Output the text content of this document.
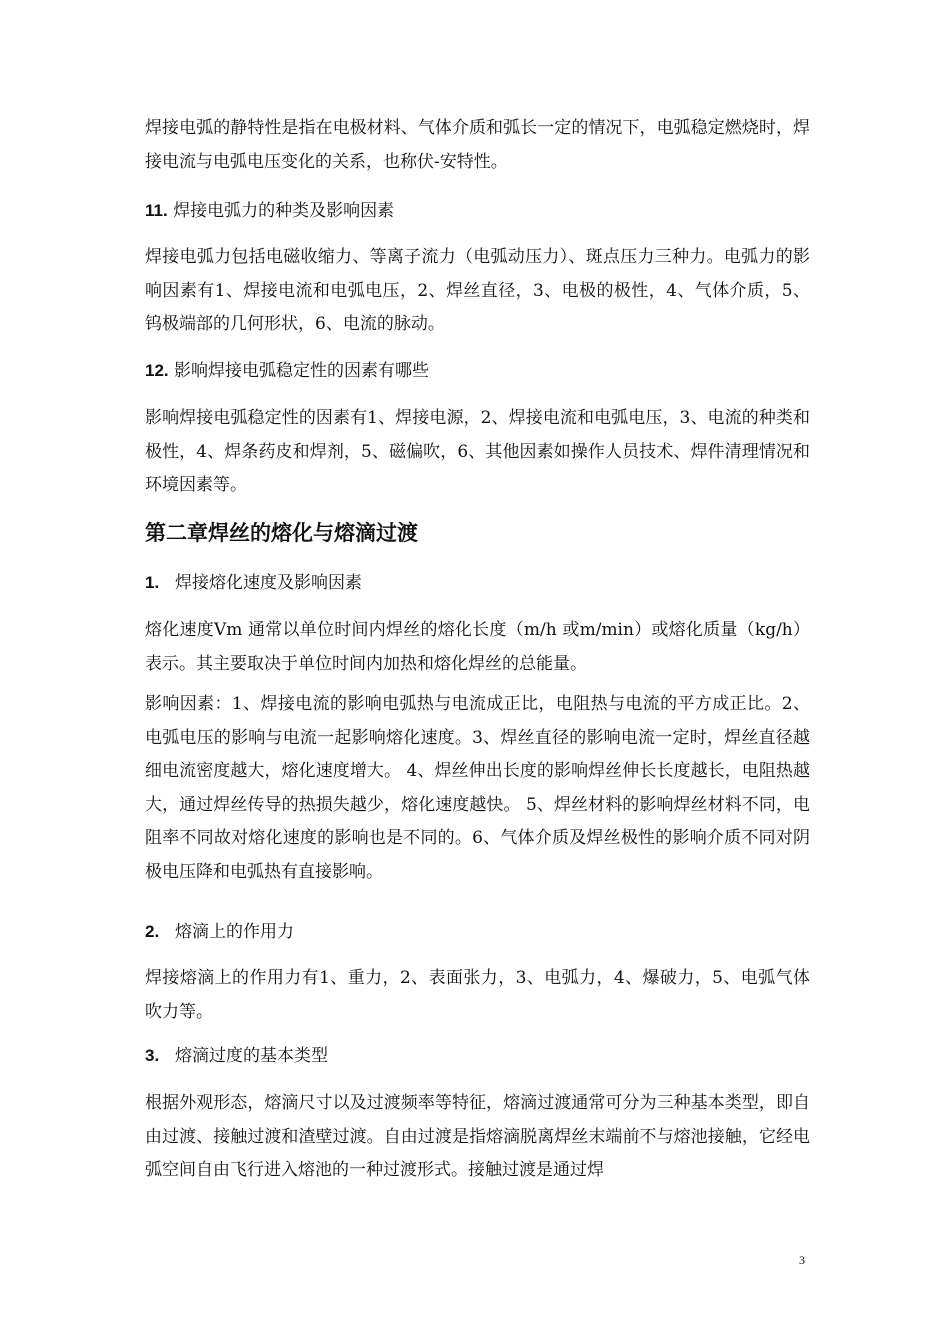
焊接电弧的静特性是指在电极材料、气体介质和弧长一定的情况下，电弧稳定燃烧时，焊接电流与电弧电压变化的关系，也称伏-安特性。

11. 焊接电弧力的种类及影响因素

焊接电弧力包括电磁收缩力、等离子流力（电弧动压力）、斑点压力三种力。电弧力的影响因素有1、焊接电流和电弧电压，2、焊丝直径，3、电极的极性，4、气体介质，5、钨极端部的几何形状，6、电流的脉动。

12. 影响焊接电弧稳定性的因素有哪些

影响焊接电弧稳定性的因素有1、焊接电源，2、焊接电流和电弧电压，3、电流的种类和极性，4、焊条药皮和焊剂，5、磁偏吹，6、其他因素如操作人员技术、焊件清理情况和环境因素等。

第二章焊丝的熔化与熔滴过渡
1. 焊接熔化速度及影响因素

熔化速度Vm 通常以单位时间内焊丝的熔化长度（m/h 或m/min）或熔化质量（kg/h）表示。其主要取决于单位时间内加热和熔化焊丝的总能量。

影响因素：1、焊接电流的影响电弧热与电流成正比，电阻热与电流的平方成正比。2、电弧电压的影响与电流一起影响熔化速度。3、焊丝直径的影响电流一定时，焊丝直径越细电流密度越大，熔化速度增大。 4、焊丝伸出长度的影响焊丝伸长长度越长，电阻热越大，通过焊丝传导的热损失越少，熔化速度越快。 5、焊丝材料的影响焊丝材料不同，电阻率不同故对熔化速度的影响也是不同的。6、气体介质及焊丝极性的影响介质不同对阴极电压降和电弧热有直接影响。

2. 熔滴上的作用力

焊接熔滴上的作用力有1、重力，2、表面张力，3、电弧力，4、爆破力，5、电弧气体吹力等。

3. 熔滴过度的基本类型

根据外观形态，熔滴尺寸以及过渡频率等特征，熔滴过渡通常可分为三种基本类型，即自由过渡、接触过渡和渣壁过渡。自由过渡是指熔滴脱离焊丝末端前不与熔池接触，它经电弧空间自由飞行进入熔池的一种过渡形式。接触过渡是通过焊

3
